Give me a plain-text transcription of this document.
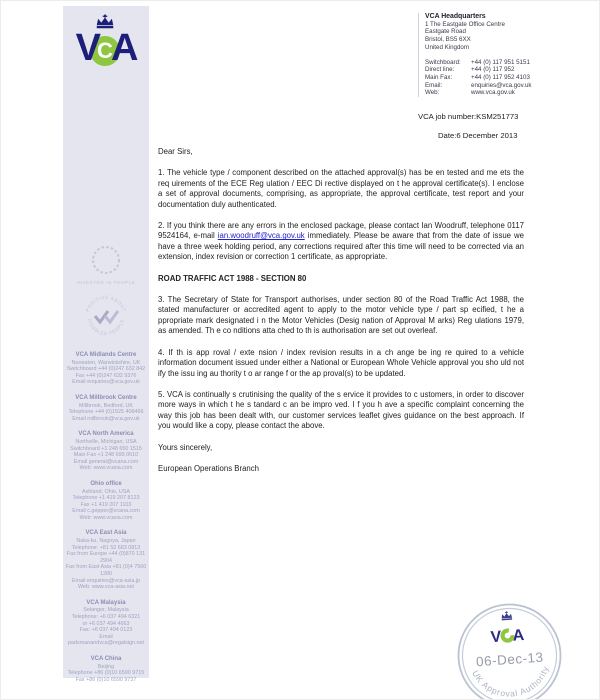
V
C
A
INVESTOR IN PEOPLE
POSITIVE ABOUT
DISABLED PEOPLE
VCA Midlands Centre
Nuneaton, Warwickshire, UK
Switchboard +44 (0)247 632 842
Fax +44 (0)247 632 9376
Email enquiries@vca.gov.uk
VCA Millbrook Centre
Millbrook, Bedford, UK
Telephone +44 (0)1525 408466
Email millbrook@vca.gov.uk
VCA North America
Northville, Michigan, USA
Switchboard +1 248 650 1515
Main Fax +1 248 699 0610
Email general@vcana.com
Web: www.vcana.com
Ohio office
Ashland, Ohio, USA
Telephone +1 419 207 8123
Fax +1 419 207 1103
Email c.gepper@vcana.com
Web: www.vcana.com
VCA East Asia
Naka-ku, Nagoya, Japan
Telephone: +81 52 683 0813
Fax from Europe +44 (0)870 131 2904
Fax from East Asia +81 (0)4 7560 1280
Email enquiries@vca-asia.jp
Web: www.vca-asia.net
VCA Malaysia
Selangor, Malaysia
Telephone: +6 037 494 6321
or +6 037 494 4663
Fax: +6 037 494 0123
Email padsmanandvca@regalsign.net
VCA China
Beijing
Telephone +86 (0)10 6590 9715
Fax +86 (0)10 6590 9737
VCA Headquarters
1 The Eastgate Office Centre
Eastgate Road
Bristol, BS5 6XX
United Kingdom
Switchboard:	+44 (0) 117 951 5151
Direct line:	+44 (0) 117 952
Main Fax:	+44 (0) 117 952 4103
Email:	enquiries@vca.gov.uk
Web:	www.vca.gov.uk
VCA job number:KSM251773
Date:6 December 2013

Dear Sirs,

1. The vehicle type / component described on the attached approval(s) has be en tested and me ets the req uirements of the ECE Reg ulation / EEC Di rective displayed on t he approval certificate(s). I enclose a set of approval documents, comprising, as appropriate, the approval certificate, test report and your documentation duly authenticated.

2. If you think there are any errors in the enclosed package, please contact Ian Woodruff, telephone 0117 9524164, e-mail ian.woodruff@vca.gov.uk immediately. Please be aware that from the date of issue we have a three week holding period, any corrections required after this time will need to be corrected via an extension, index revision or correction 1 certificate, as appropriate.

ROAD TRAFFIC ACT 1988 - SECTION 80

3. The Secretary of State for Transport authorises, under section 80 of the Road Traffic Act 1988, the stated manufacturer or accredited agent to apply to the motor vehicle type / part sp ecified, t he a ppropriate mark designated i n the Motor Vehicles (Desig nation of Approval M arks) Reg ulations 1979, as amended. Th e co nditions atta ched to th is authorisation are set out overleaf.

4. If th is app roval / exte nsion / index revision results in a ch ange be ing re quired to a vehicle information document issued under either a National or European Whole Vehicle approval you sho uld not ify the issu ing au thority t o ar range f or the ap proval(s) to be updated.

5. VCA is continually s crutinising the quality of the s ervice it provides to c ustomers, in order to discover more ways in which t he s tandard c an be impro ved. I f you h ave a specific complaint concerning the way this job has been dealt with, our customer services leaflet gives guidance on the best approach. If you would like a copy, please contact the above.

Yours sincerely,

European Operations Branch

V A
06-Dec-13
UK Approval Authority
